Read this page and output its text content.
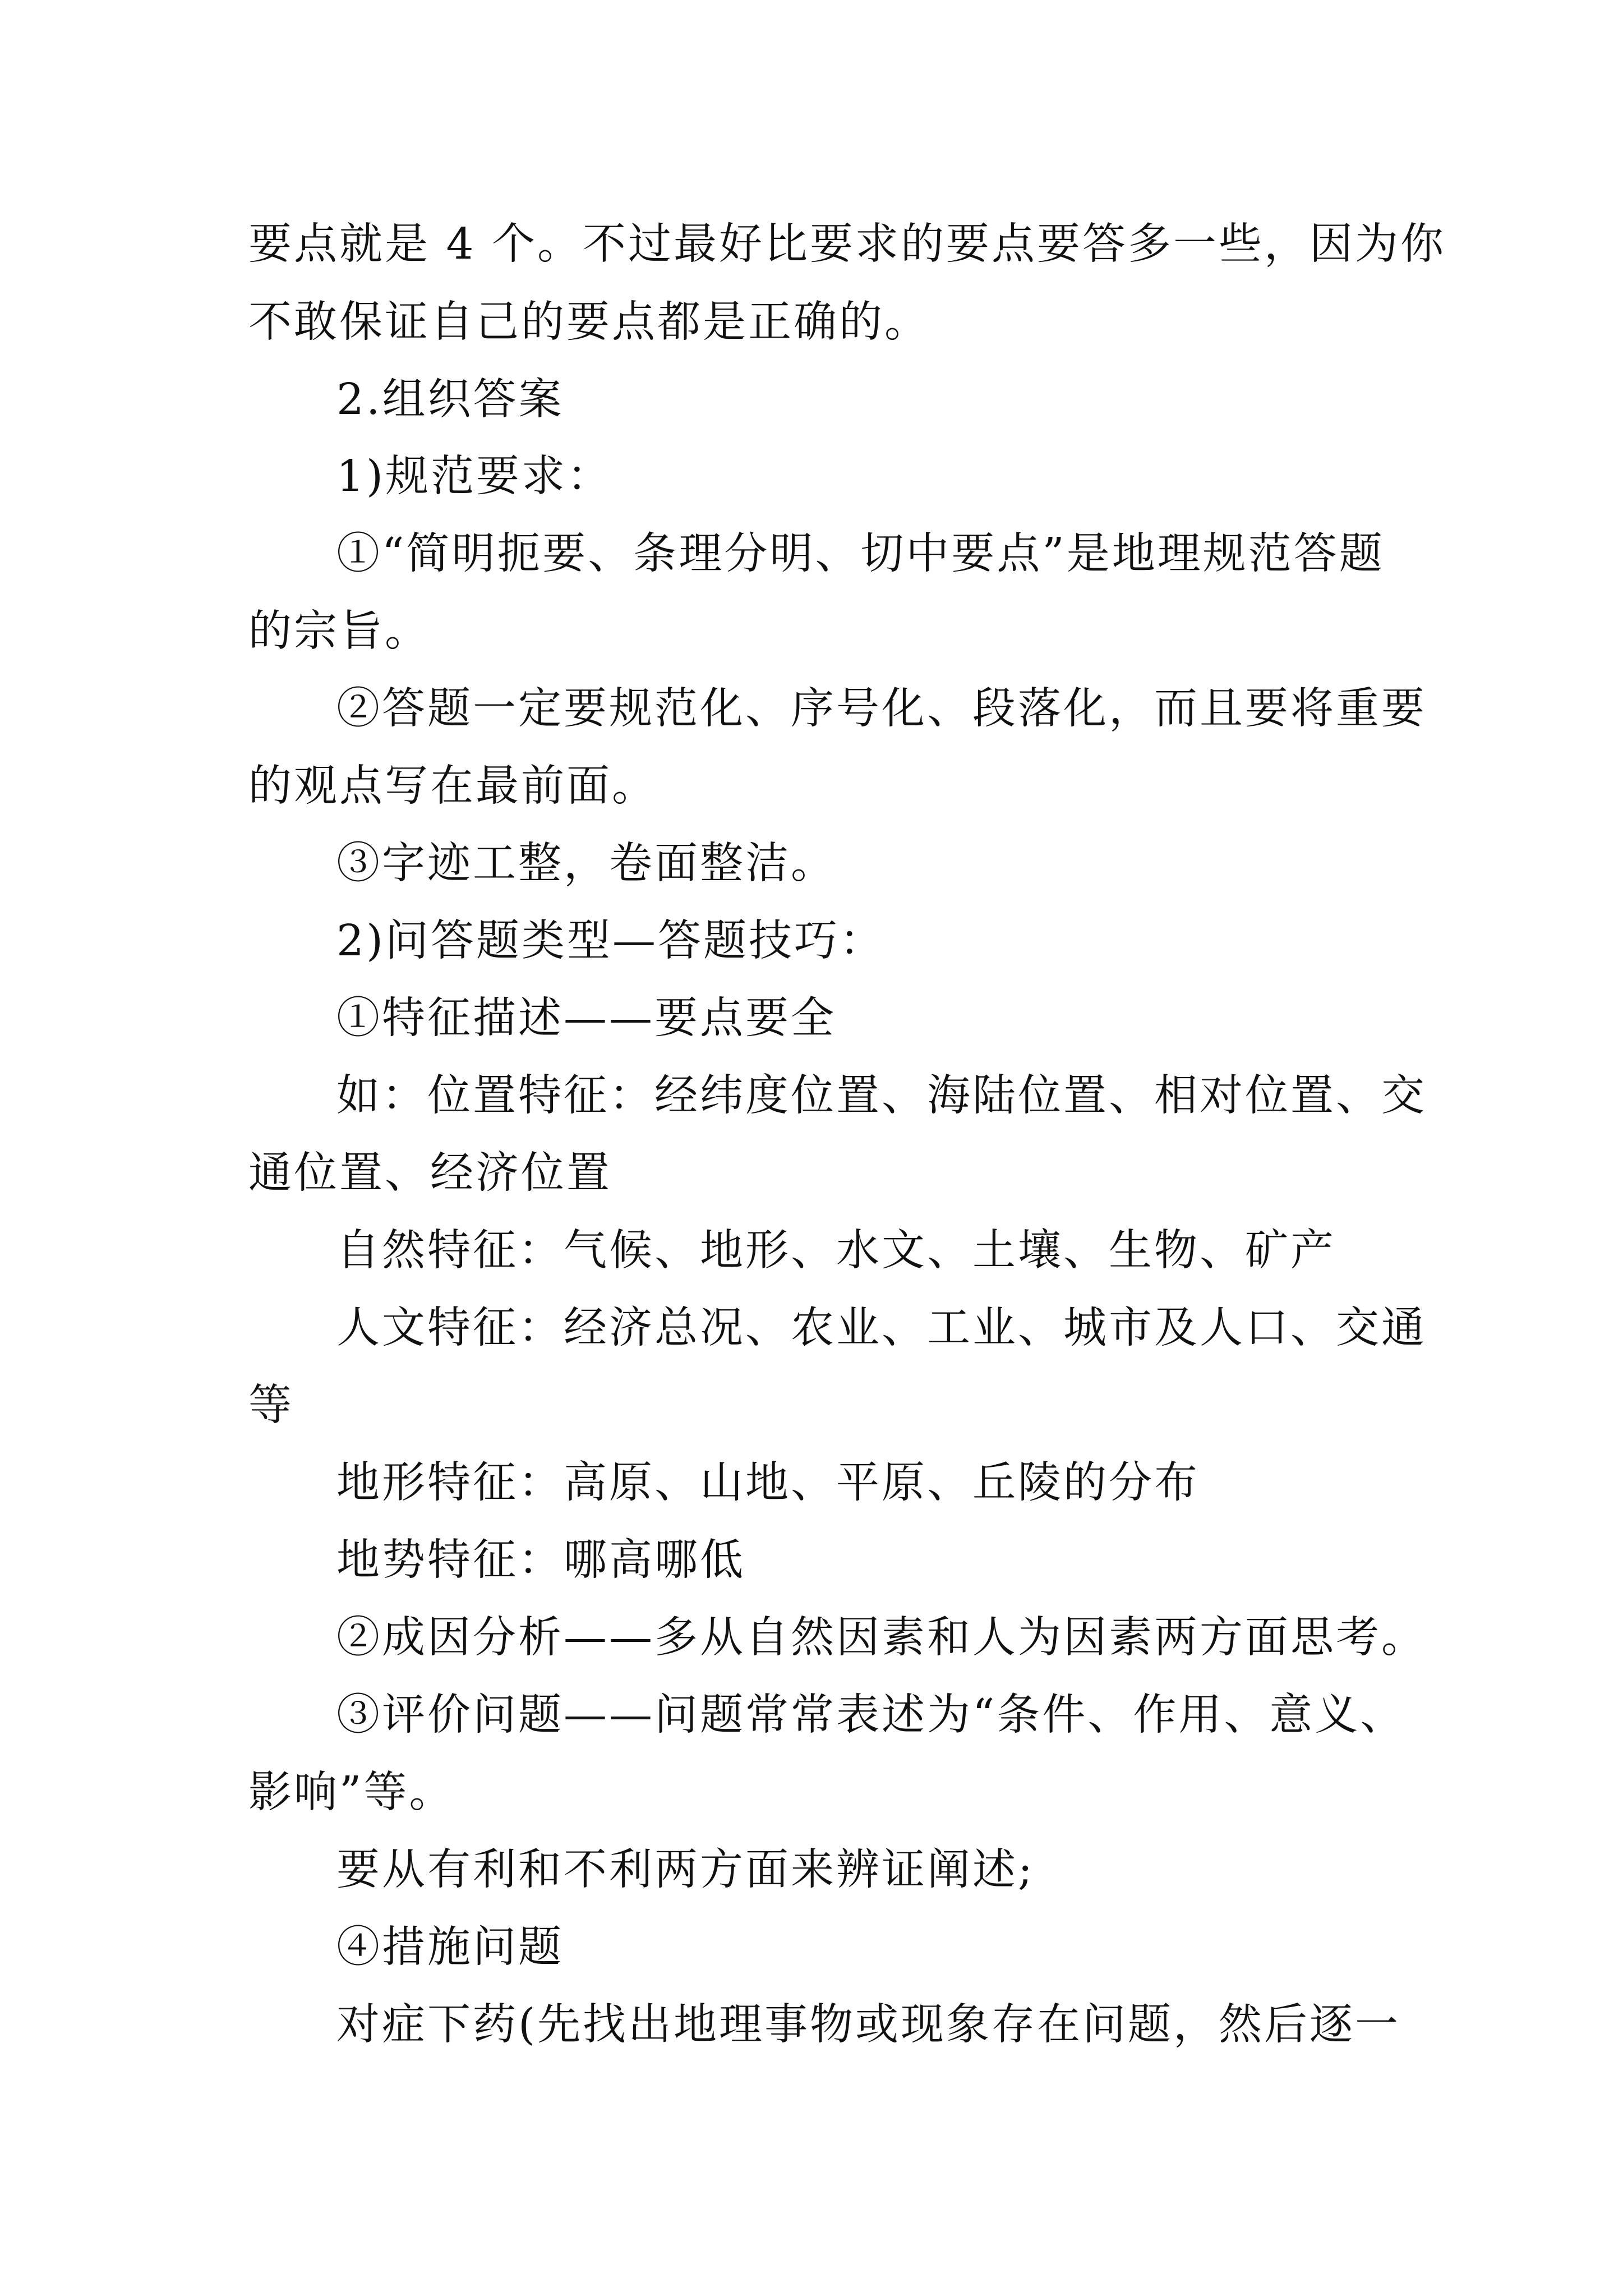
要点就是 4 个。不过最好比要求的要点要答多一些，因为你
不敢保证自己的要点都是正确的。
2.组织答案
1)规范要求：
①“简明扼要、条理分明、切中要点”是地理规范答题
的宗旨。
②答题一定要规范化、序号化、段落化，而且要将重要
的观点写在最前面。
③字迹工整，卷面整洁。
2)问答题类型—答题技巧：
①特征描述——要点要全
如：位置特征：经纬度位置、海陆位置、相对位置、交
通位置、经济位置
自然特征：气候、地形、水文、土壤、生物、矿产
人文特征：经济总况、农业、工业、城市及人口、交通
等
地形特征：高原、山地、平原、丘陵的分布
地势特征：哪高哪低
②成因分析——多从自然因素和人为因素两方面思考。
③评价问题——问题常常表述为“条件、作用、意义、
影响”等。
要从有利和不利两方面来辨证阐述;
④措施问题
对症下药(先找出地理事物或现象存在问题，然后逐一
